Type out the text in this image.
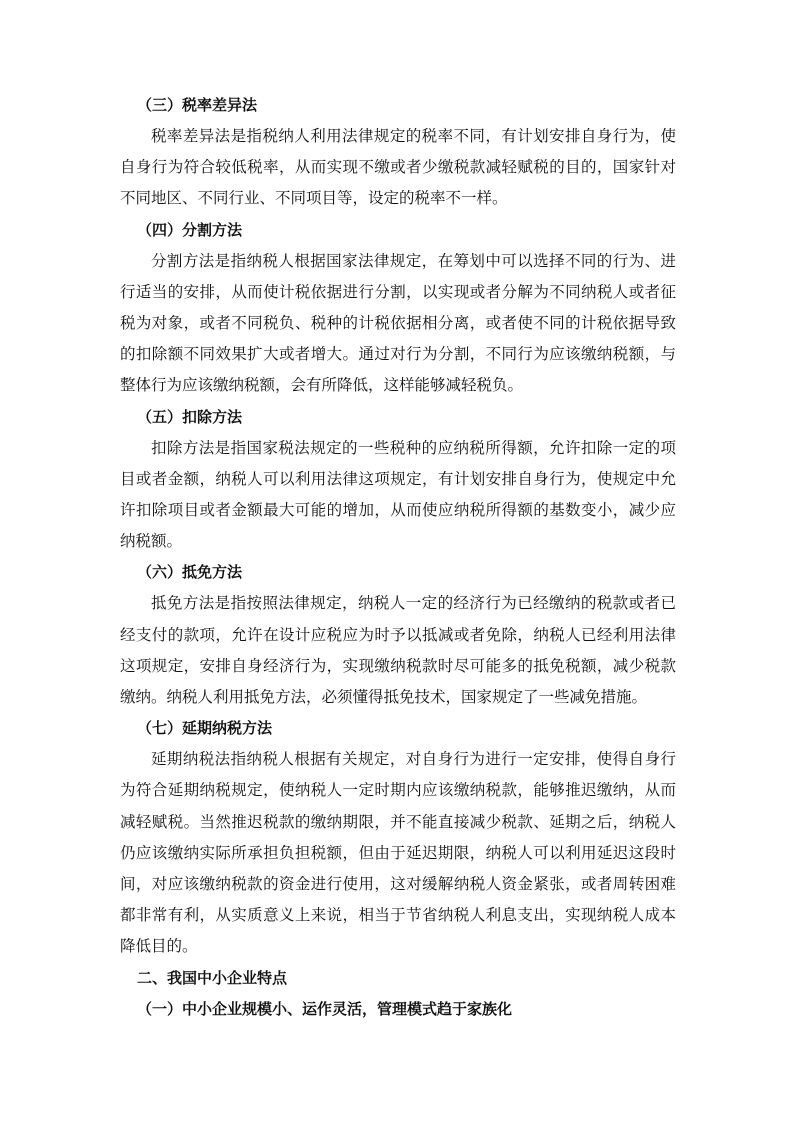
（三）税率差异法

税率差异法是指税纳人利用法律规定的税率不同，有计划安排自身行为，使自身行为符合较低税率，从而实现不缴或者少缴税款减轻赋税的目的，国家针对不同地区、不同行业、不同项目等，设定的税率不一样。

（四）分割方法

分割方法是指纳税人根据国家法律规定，在筹划中可以选择不同的行为、进行适当的安排，从而使计税依据进行分割，以实现或者分解为不同纳税人或者征税为对象，或者不同税负、税种的计税依据相分离，或者使不同的计税依据导致的扣除额不同效果扩大或者增大。通过对行为分割，不同行为应该缴纳税额，与整体行为应该缴纳税额，会有所降低，这样能够减轻税负。

（五）扣除方法

扣除方法是指国家税法规定的一些税种的应纳税所得额，允许扣除一定的项目或者金额，纳税人可以利用法律这项规定，有计划安排自身行为，使规定中允许扣除项目或者金额最大可能的增加，从而使应纳税所得额的基数变小，减少应纳税额。

（六）抵免方法

抵免方法是指按照法律规定，纳税人一定的经济行为已经缴纳的税款或者已经支付的款项，允许在设计应税应为时予以抵减或者免除，纳税人已经利用法律这项规定，安排自身经济行为，实现缴纳税款时尽可能多的抵免税额，减少税款缴纳。纳税人利用抵免方法，必须懂得抵免技术，国家规定了一些减免措施。

（七）延期纳税方法

延期纳税法指纳税人根据有关规定，对自身行为进行一定安排，使得自身行为符合延期纳税规定，使纳税人一定时期内应该缴纳税款，能够推迟缴纳，从而减轻赋税。当然推迟税款的缴纳期限，并不能直接减少税款、延期之后，纳税人仍应该缴纳实际所承担负担税额，但由于延迟期限，纳税人可以利用延迟这段时间，对应该缴纳税款的资金进行使用，这对缓解纳税人资金紧张，或者周转困难都非常有利，从实质意义上来说，相当于节省纳税人利息支出，实现纳税人成本降低目的。

二、我国中小企业特点
（一）中小企业规模小、运作灵活，管理模式趋于家族化
